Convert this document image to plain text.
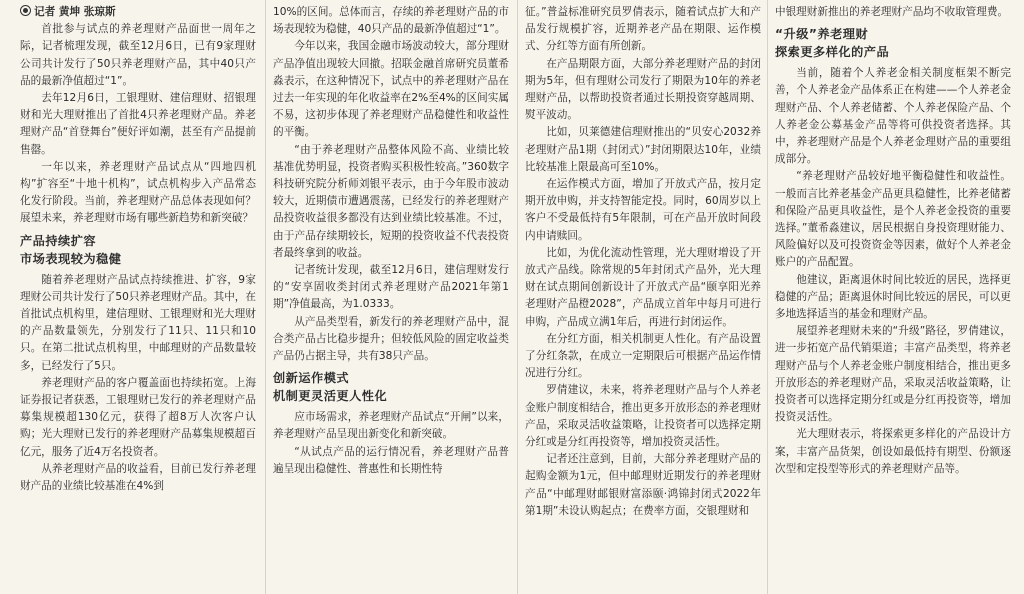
记者 黄坤 张琼斯

首批参与试点的养老理财产品面世一周年之际，记者梳理发现，截至12月6日，已有9家理财公司共计发行了50只养老理财产品，其中40只产品的最新净值超过“1”。

去年12月6日，工银理财、建信理财、招银理财和光大理财推出了首批4只养老理财产品。养老理财产品“首登舞台”便好评如潮，甚至有产品提前售罄。

一年以来，养老理财产品试点从“四地四机构”扩容至“十地十机构”，试点机构步入产品常态化发行阶段。当前，养老理财产品总体表现如何？展望未来，养老理财市场有哪些新趋势和新突破？

产品持续扩容
市场表现较为稳健

随着养老理财产品试点持续推进、扩容，9家理财公司共计发行了50只养老理财产品。其中，在首批试点机构里，建信理财、工银理财和光大理财的产品数量领先，分别发行了11只、11只和10只。在第二批试点机构里，中邮理财的产品数量较多，已经发行了5只。

养老理财产品的客户覆盖面也持续拓宽。上海证券报记者获悉，工银理财已发行的养老理财产品募集规模超130亿元，获得了超8万人次客户认购；光大理财已发行的养老理财产品募集规模超百亿元，服务了近4万名投资者。

从养老理财产品的收益看，目前已发行养老理财产品的业绩比较基准在4%到

10%的区间。总体而言，存续的养老理财产品的市场表现较为稳健，40只产品的最新净值超过“1”。

今年以来，我国金融市场波动较大，部分理财产品净值出现较大回撤。招联金融首席研究员董希淼表示，在这种情况下，试点中的养老理财产品在过去一年实现的年化收益率在2%至4%的区间实属不易，这初步体现了养老理财产品稳健性和收益性的平衡。

“由于养老理财产品整体风险不高、业绩比较基准优势明显，投资者购买积极性较高。”360数字科技研究院分析师刘银平表示，由于今年股市波动较大，近期债市遭遇震荡，已经发行的养老理财产品投资收益很多都没有达到业绩比较基准。不过，由于产品存续期较长，短期的投资收益不代表投资者最终拿到的收益。

记者统计发现，截至12月6日，建信理财发行的“安享固收类封闭式养老理财产品2021年第1期”净值最高，为1.0333。

从产品类型看，新发行的养老理财产品中，混合类产品占比稳步提升；但较低风险的固定收益类产品仍占据主导，共有38只产品。

创新运作模式
机制更灵活更人性化

应市场需求，养老理财产品试点“开闸”以来，养老理财产品呈现出新变化和新突破。

“从试点产品的运行情况看，养老理财产品普遍呈现出稳健性、普惠性和长期性特

征。”普益标准研究员罗倩表示，随着试点扩大和产品发行规模扩容，近期养老产品在期限、运作模式、分红等方面有所创新。

在产品期限方面，大部分养老理财产品的封闭期为5年，但有理财公司发行了期限为10年的养老理财产品，以帮助投资者通过长期投资穿越周期、熨平波动。

比如，贝莱德建信理财推出的“贝安心2032养老理财产品1期（封闭式）”封闭期限达10年，业绩比较基准上限最高可至10%。

在运作模式方面，增加了开放式产品，按月定期开放申购，并支持智能定投。同时，60周岁以上客户不受最低持有5年限制，可在产品开放时间段内申请赎回。

比如，为优化流动性管理，光大理财增设了开放式产品线。除常规的5年封闭式产品外，光大理财在试点期间创新设计了开放式产品“颐享阳光养老理财产品橙2028”，产品成立首年中每月可进行申购，产品成立满1年后，再进行封闭运作。

在分红方面，相关机制更人性化。有产品设置了分红条款，在成立一定期限后可根据产品运作情况进行分红。

罗倩建议，未来，将养老理财产品与个人养老金账户制度相结合，推出更多开放形态的养老理财产品，采取灵活收益策略，让投资者可以选择定期分红或是分红再投资等，增加投资灵活性。

记者还注意到，目前，大部分养老理财产品的起购金额为1元，但中邮理财近期发行的养老理财产品“中邮理财邮银财富添颐·鸿锦封闭式2022年第1期”未设认购起点；在费率方面，交银理财和

中银理财新推出的养老理财产品均不收取管理费。

“升级”养老理财
探索更多样化的产品

当前，随着个人养老金相关制度框架不断完善，个人养老金产品体系正在构建——个人养老金理财产品、个人养老储蓄、个人养老保险产品、个人养老金公募基金产品等将可供投资者选择。其中，养老理财产品是个人养老金理财产品的重要组成部分。

“养老理财产品较好地平衡稳健性和收益性。一般而言比养老基金产品更具稳健性，比养老储蓄和保险产品更具收益性，是个人养老金投资的重要选择。”董希淼建议，居民根据自身投资理财能力、风险偏好以及可投资资金等因素，做好个人养老金账户的产品配置。

他建议，距离退休时间比较近的居民，选择更稳健的产品；距离退休时间比较远的居民，可以更多地选择适当的基金和理财产品。

展望养老理财未来的“升级”路径，罗倩建议，进一步拓宽产品代销渠道；丰富产品类型，将养老理财产品与个人养老金账户制度相结合，推出更多开放形态的养老理财产品，采取灵活收益策略，让投资者可以选择定期分红或是分红再投资等，增加投资灵活性。

光大理财表示，将探索更多样化的产品设计方案，丰富产品货架，创设如最低持有期型、份额逐次型和定投型等形式的养老理财产品等。
